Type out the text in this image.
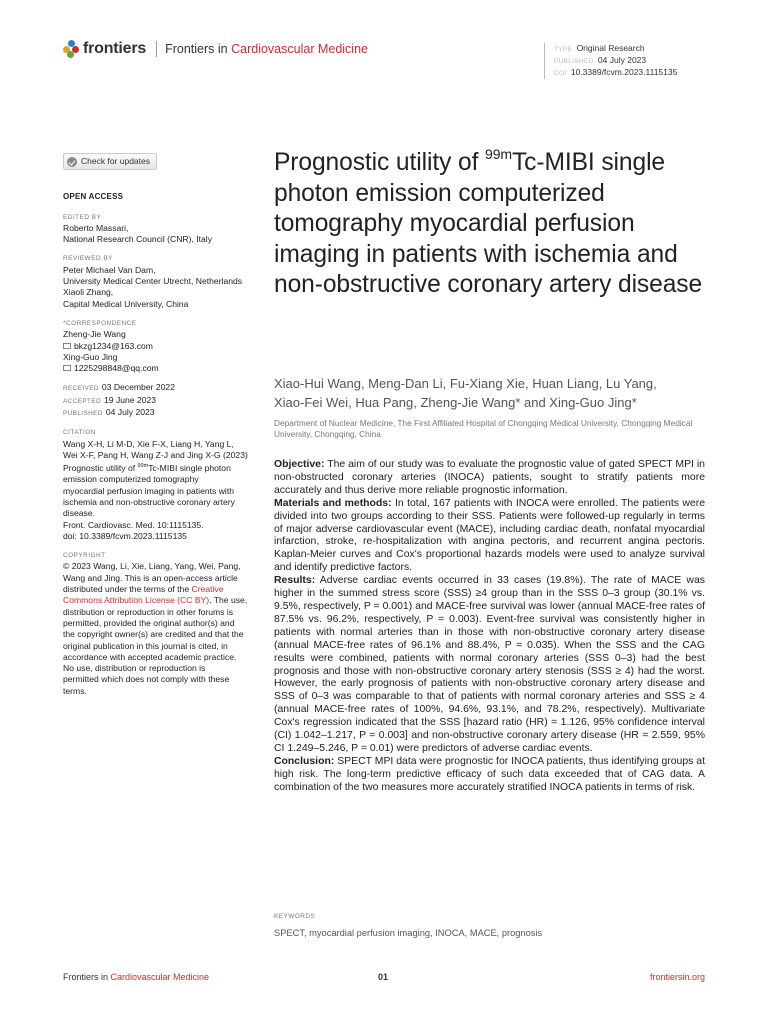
frontiers Frontiers in Cardiovascular Medicine	TYPE Original Research
PUBLISHED 04 July 2023
DOI 10.3389/fcvm.2023.1115135
Check for updates
OPEN ACCESS
EDITED BY

Roberto Massari,

National Research Council (CNR), Italy

REVIEWED BY

Peter Michael Van Dam,

University Medical Center Utrecht, Netherlands

Xiaoli Zhang,

Capital Medical University, China

*CORRESPONDENCE

Zheng-Jie Wang

bkzg1234@163.com

Xing-Guo Jing

1225298848@qq.com

RECEIVED 03 December 2022
ACCEPTED 19 June 2023
PUBLISHED 04 July 2023
CITATION

Wang X-H, Li M-D, Xie F-X, Liang H, Yang L,

Wei X-F, Pang H, Wang Z-J and Jing X-G (2023)

Prognostic utility of $^{99m}$Tc-MIBI single photon

emission computerized tomography

myocardial perfusion imaging in patients with

ischemia and non-obstructive coronary artery

disease.

Front. Cardiovasc. Med. 10:1115135.

doi: 10.3389/fcvm.2023.1115135

COPYRIGHT

© 2023 Wang, Li, Xie, Liang, Yang, Wei, Pang,

Wang and Jing. This is an open-access article

distributed under the terms of the Creative

Commons Attribution License (CC BY). The use,

distribution or reproduction in other forums is

permitted, provided the original author(s) and

the copyright owner(s) are credited and that the

original publication in this journal is cited, in

accordance with accepted academic practice.

No use, distribution or reproduction is

permitted which does not comply with these

terms.

Prognostic utility of $^{99m}$Tc-MIBI single photon emission computerized tomography myocardial perfusion imaging in patients with ischemia and non-obstructive coronary artery disease
Xiao-Hui Wang, Meng-Dan Li, Fu-Xiang Xie, Huan Liang, Lu Yang,
Xiao-Fei Wei, Hua Pang, Zheng-Jie Wang* and Xing-Guo Jing*
Department of Nuclear Medicine, The First Affiliated Hospital of Chongqing Medical University, Chongqing Medical University, Chongqing, China

Objective: The aim of our study was to evaluate the prognostic value of gated SPECT MPI in non-obstructed coronary arteries (INOCA) patients, sought to stratify patients more accurately and thus derive more reliable prognostic information.

Materials and methods: In total, 167 patients with INOCA were enrolled. The patients were divided into two groups according to their SSS. Patients were followed-up regularly in terms of major adverse cardiovascular event (MACE), including cardiac death, nonfatal myocardial infarction, stroke, re-hospitalization with angina pectoris, and recurrent angina pectoris. Kaplan-Meier curves and Cox's proportional hazards models were used to analyze survival and identify predictive factors.

Results: Adverse cardiac events occurred in 33 cases (19.8%). The rate of MACE was higher in the summed stress score (SSS) ≥4 group than in the SSS 0–3 group (30.1% vs. 9.5%, respectively, P = 0.001) and MACE-free survival was lower (annual MACE-free rates of 87.5% vs. 96.2%, respectively, P = 0.003). Event-free survival was consistently higher in patients with normal arteries than in those with non-obstructive coronary artery disease (annual MACE-free rates of 96.1% and 88.4%, P = 0.035). When the SSS and the CAG results were combined, patients with normal coronary arteries (SSS 0–3) had the best prognosis and those with non-obstructive coronary artery stenosis (SSS ≥ 4) had the worst. However, the early prognosis of patients with non-obstructive coronary artery disease and SSS of 0–3 was comparable to that of patients with normal coronary arteries and SSS ≥ 4 (annual MACE-free rates of 100%, 94.6%, 93.1%, and 78.2%, respectively). Multivariate Cox's regression indicated that the SSS [hazard ratio (HR) = 1.126, 95% confidence interval (CI) 1.042–1.217, P = 0.003] and non-obstructive coronary artery disease (HR = 2.559, 95% CI 1.249–5.246, P = 0.01) were predictors of adverse cardiac events.

Conclusion: SPECT MPI data were prognostic for INOCA patients, thus identifying groups at high risk. The long-term predictive efficacy of such data exceeded that of CAG data. A combination of the two measures more accurately stratified INOCA patients in terms of risk.

KEYWORDS
SPECT, myocardial perfusion imaging, INOCA, MACE, prognosis
Frontiers in Cardiovascular Medicine	01	frontiersin.org
